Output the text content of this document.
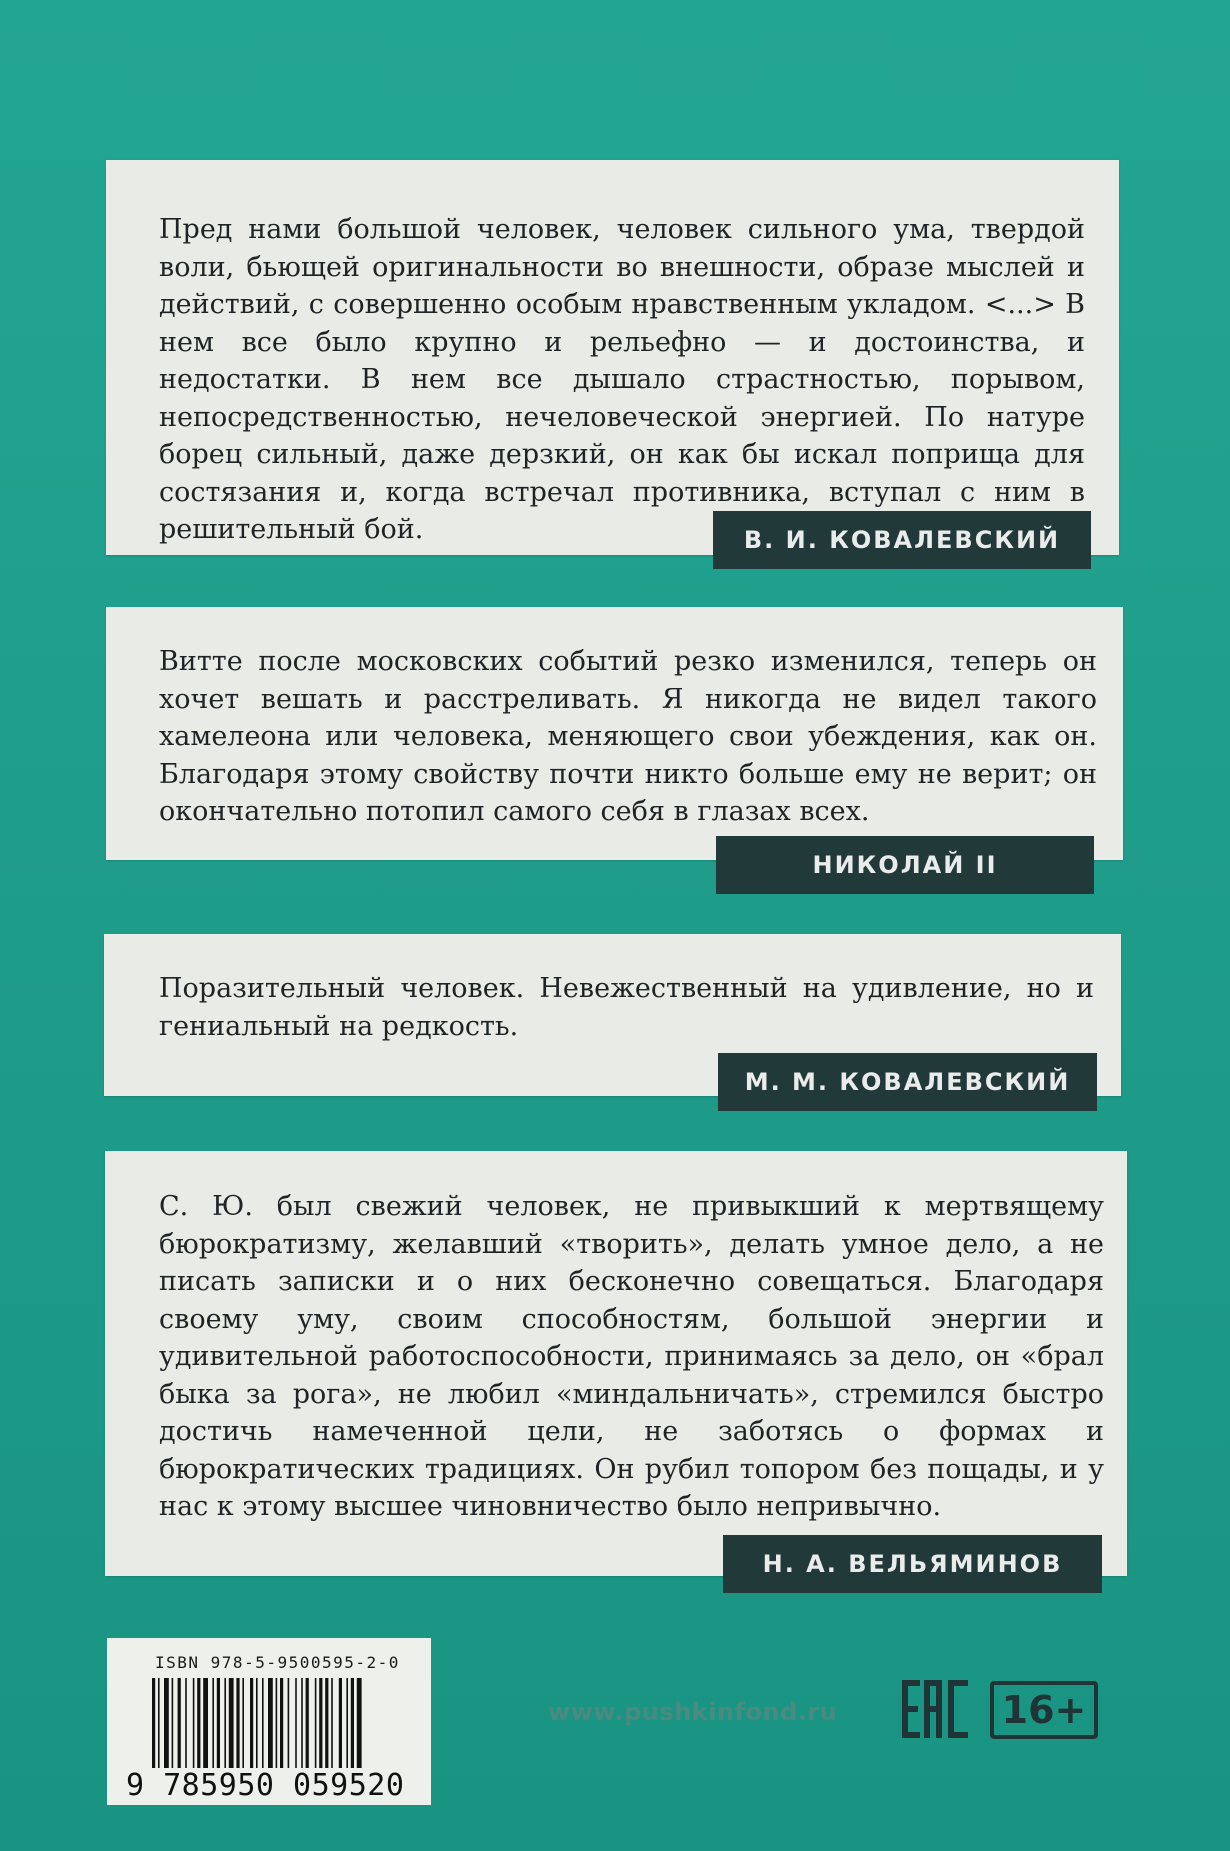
Пред нами большой человек, человек сильного ума, твердой воли, бьющей оригинальности во внешности, образе мыслей и действий, с совершенно особым нравственным укладом. <...> В нем все было крупно и рельефно — и достоинства, и недостатки. В нем все дышало страстностью, порывом, непосредственностью, нечеловеческой энергией. По натуре борец сильный, даже дерзкий, он как бы искал поприща для состязания и, когда встречал противника, вступал с ним в решительный бой.	В. И. КОВАЛЕВСКИЙ

Витте после московских событий резко изменился, теперь он хочет вешать и расстреливать. Я никогда не видел такого хамелеона или человека, меняющего свои убеждения, как он. Благодаря этому свойству почти никто больше ему не верит; он окончательно потопил самого себя в глазах всех.

НИКОЛАЙ II

Поразительный человек. Невежественный на удивление, но и гениальный на редкость.

М. М. КОВАЛЕВСКИЙ

С. Ю. был свежий человек, не привыкший к мертвящему бюрократизму, желавший «творить», делать умное дело, а не писать записки и о них бесконечно совещаться. Благодаря своему уму, своим способностям, большой энергии и удивительной работоспособности, принимаясь за дело, он «брал быка за рога», не любил «миндальничать», стремился быстро достичь намеченной цели, не заботясь о формах и бюрократических традициях. Он рубил топором без пощады, и у нас к этому высшее чиновничество было непривычно.

Н. А. ВЕЛЬЯМИНОВ
ISBN 978-5-9500595-2-0
9 785950 059520
www.pushkinfond.ru	16+
